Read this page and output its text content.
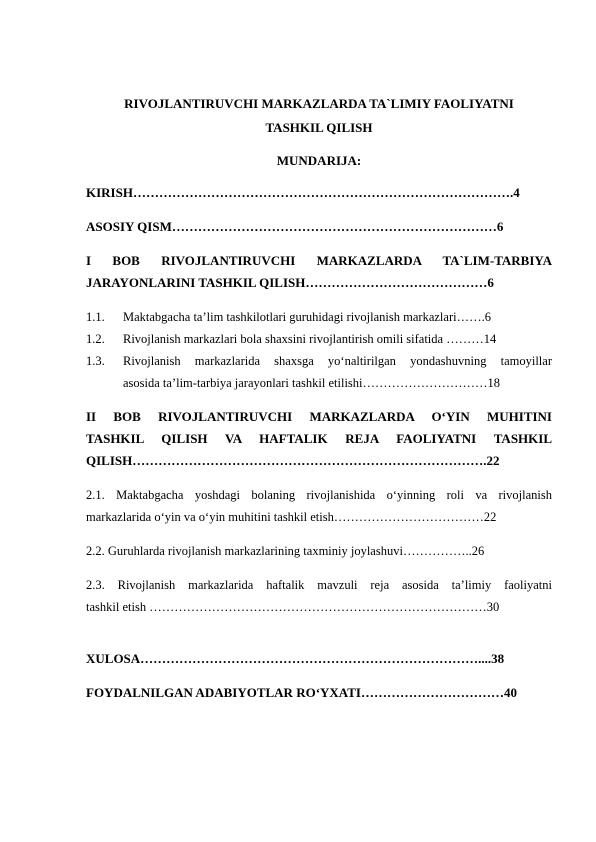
RIVOJLANTIRUVCHI MARKAZLARDA TA`LIMIY FAOLIYATNI
TASHKIL QILISH
MUNDARIJA:
KIRISH…………………………………………………………………………….4
ASOSIY QISM…………………………………………………………………6
I BOB RIVOJLANTIRUVCHI MARKAZLARDA TA`LIM-TARBIYA
JARAYONLARINI TASHKIL QILISH……………………………………6
1.1.	Maktabgacha ta’lim tashkilotlari guruhidagi rivojlanish markazlari…….6
1.2.	Rivojlanish markazlari bola shaxsini rivojlantirish omili sifatida ………14
1.3.	Rivojlanish markazlarida shaxsga yo‘naltirilgan yondashuvning tamoyillar
asosida ta’lim-tarbiya jarayonlari tashkil etilishi…………………………18
II BOB RIVOJLANTIRUVCHI MARKAZLARDA O‘YIN MUHITINI
TASHKIL QILISH VA HAFTALIK REJA FAOLIYATNI TASHKIL
QILISH……………………………………………………………………….22
2.1. Maktabgacha yoshdagi bolaning rivojlanishida o‘yinning roli va rivojlanish
markazlarida o‘yin va o‘yin muhitini tashkil etish………………………………22
2.2. Guruhlarda rivojlanish markazlarining taxminiy joylashuvi……………..26
2.3. Rivojlanish markazlarida haftalik mavzuli reja asosida ta’limiy faoliyatni
tashkil etish ………………………………………………………………………30
XULOSA……………………………………………………………………....38
FOYDALNILGAN ADABIYOTLAR RO‘YXATI……………………………40
